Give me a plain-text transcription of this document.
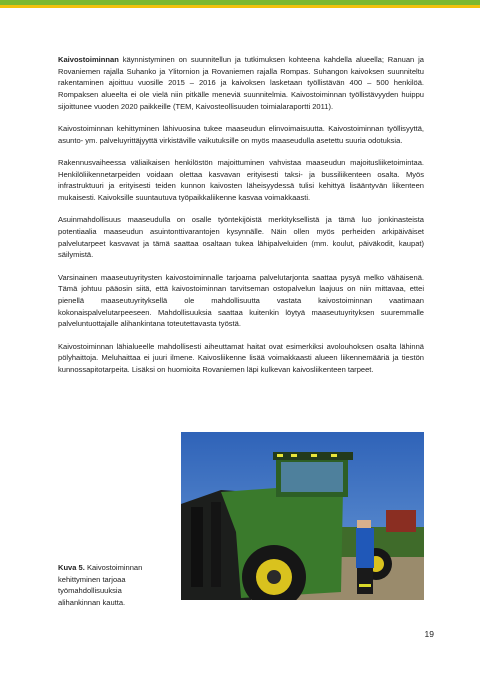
Kaivostoiminnan käynnistyminen on suunnitellun ja tutkimuksen kohteena kahdella alueella; Ranuan ja Rovaniemen rajalla Suhanko ja Ylitornion ja Rovaniemen rajalla Rompas. Suhangon kaivoksen suunniteltu rakentaminen ajoittuu vuosille 2015 – 2016 ja kaivoksen lasketaan työllistävän 400 – 500 henkilöä. Rompaksen alueelta ei ole vielä niin pitkälle meneviä suunnitelmia. Kaivostoiminnan työllistävyyden huippu sijoittunee vuoden 2020 paikkeille (TEM, Kaivosteollisuuden toimialaraportti 2011).

Kaivostoiminnan kehittyminen lähivuosina tukee maaseudun elinvoimaisuutta. Kaivostoiminnan työllisyyttä, asunto- ym. palveluyrittäjyyttä virkistäville vaikutuksille on myös maaseudulla asetettu suuria odotuksia.

Rakennusvaiheessa väliaikaisen henkilöstön majoittuminen vahvistaa maaseudun majoitusliiketoimintaa. Henkilöliikennetarpeiden voidaan olettaa kasvavan erityisesti taksi- ja bussiliikenteen osalta. Myös infrastruktuuri ja erityisesti teiden kunnon kaivosten läheisyydessä tulisi kehittyä lisääntyvän liikenteen mukaisesti. Kaivoksille suuntautuva työpaikkaliikenne kasvaa voimakkaasti.

Asuinmahdollisuus maaseudulla on osalle työntekijöistä merkityksellistä ja tämä luo jonkinasteista potentiaalia maaseudun asuintonttivarantojen kysynnälle. Näin ollen myös perheiden arkipäiväiset palvelutarpeet kasvavat ja tämä saattaa osaltaan tukea lähipalveluiden (mm. koulut, päiväkodit, kaupat) säilymistä.

Varsinainen maaseutuyritysten kaivostoiminnalle tarjoama palvelutarjonta saattaa pysyä melko vähäisenä. Tämä johtuu pääosin siitä, että kaivostoiminnan tarvitseman ostopalvelun laajuus on niin mittavaa, ettei pienellä maaseutuyrityksellä ole mahdollisuutta vastata kaivostoiminnan vaatimaan kokonaispalvelutarpeeseen. Mahdollisuuksia saattaa kuitenkin löytyä maaseutuyrityksen suuremmalle palveluntuottajalle alihankintana toteutettavasta työstä.

Kaivostoiminnan lähialueelle mahdollisesti aiheuttamat haitat ovat esimerkiksi avolouhoksen osalta lähinnä pölyhaittoja. Meluhaittaa ei juuri ilmene. Kaivosliikenne lisää voimakkaasti alueen liikennemääriä ja tiestön kunnossapitotarpeita. Lisäksi on huomioita Rovaniemen läpi kulkevan kaivosliikenteen tarpeet.

Kuva 5. Kaivostoiminnan kehittyminen tarjoaa työmahdollisuuksia alihankinnan kautta.
19
